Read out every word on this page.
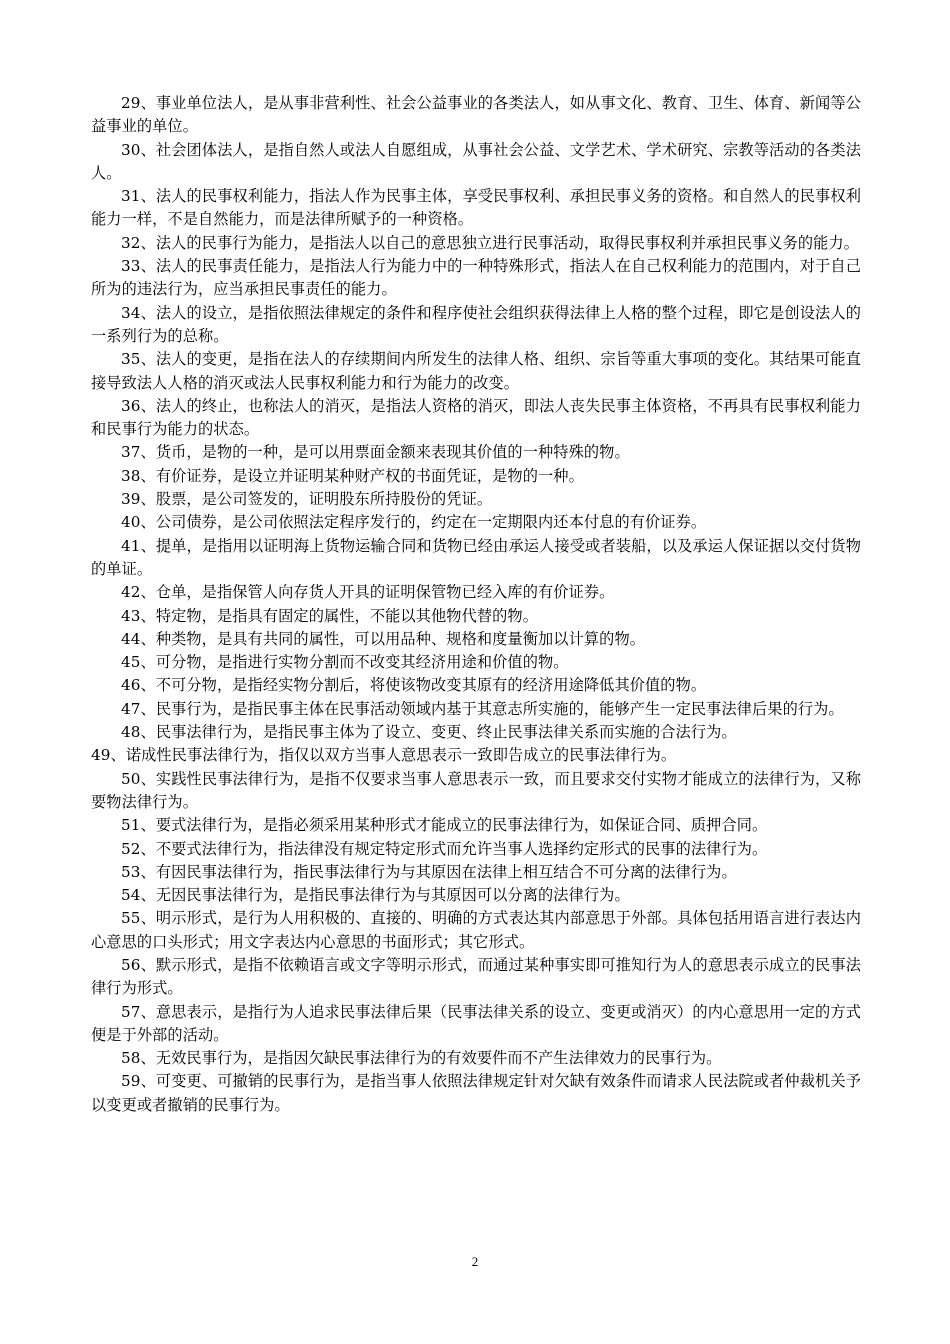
29、事业单位法人，是从事非营利性、社会公益事业的各类法人，如从事文化、教育、卫生、体育、新闻等公益事业的单位。

30、社会团体法人，是指自然人或法人自愿组成，从事社会公益、文学艺术、学术研究、宗教等活动的各类法人。

31、法人的民事权利能力，指法人作为民事主体，享受民事权利、承担民事义务的资格。和自然人的民事权利能力一样，不是自然能力，而是法律所赋予的一种资格。

32、法人的民事行为能力，是指法人以自己的意思独立进行民事活动，取得民事权利并承担民事义务的能力。

33、法人的民事责任能力，是指法人行为能力中的一种特殊形式，指法人在自己权利能力的范围内，对于自己所为的违法行为，应当承担民事责任的能力。

34、法人的设立，是指依照法律规定的条件和程序使社会组织获得法律上人格的整个过程，即它是创设法人的一系列行为的总称。

35、法人的变更，是指在法人的存续期间内所发生的法律人格、组织、宗旨等重大事项的变化。其结果可能直接导致法人人格的消灭或法人民事权利能力和行为能力的改变。

36、法人的终止，也称法人的消灭，是指法人资格的消灭，即法人丧失民事主体资格，不再具有民事权利能力和民事行为能力的状态。

37、货币，是物的一种，是可以用票面金额来表现其价值的一种特殊的物。

38、有价证券，是设立并证明某种财产权的书面凭证，是物的一种。

39、股票，是公司签发的，证明股东所持股份的凭证。

40、公司债券，是公司依照法定程序发行的，约定在一定期限内还本付息的有价证券。

41、提单，是指用以证明海上货物运输合同和货物已经由承运人接受或者装船，以及承运人保证据以交付货物的单证。

42、仓单，是指保管人向存货人开具的证明保管物已经入库的有价证券。

43、特定物，是指具有固定的属性，不能以其他物代替的物。

44、种类物，是具有共同的属性，可以用品种、规格和度量衡加以计算的物。

45、可分物，是指进行实物分割而不改变其经济用途和价值的物。

46、不可分物，是指经实物分割后，将使该物改变其原有的经济用途降低其价值的物。

47、民事行为，是指民事主体在民事活动领域内基于其意志所实施的，能够产生一定民事法律后果的行为。

48、民事法律行为，是指民事主体为了设立、变更、终止民事法律关系而实施的合法行为。

49、诺成性民事法律行为，指仅以双方当事人意思表示一致即告成立的民事法律行为。

50、实践性民事法律行为，是指不仅要求当事人意思表示一致，而且要求交付实物才能成立的法律行为，又称要物法律行为。

51、要式法律行为，是指必须采用某种形式才能成立的民事法律行为，如保证合同、质押合同。

52、不要式法律行为，指法律没有规定特定形式而允许当事人选择约定形式的民事的法律行为。

53、有因民事法律行为，指民事法律行为与其原因在法律上相互结合不可分离的法律行为。

54、无因民事法律行为，是指民事法律行为与其原因可以分离的法律行为。

55、明示形式，是行为人用积极的、直接的、明确的方式表达其内部意思于外部。具体包括用语言进行表达内心意思的口头形式；用文字表达内心意思的书面形式；其它形式。

56、默示形式，是指不依赖语言或文字等明示形式，而通过某种事实即可推知行为人的意思表示成立的民事法律行为形式。

57、意思表示，是指行为人追求民事法律后果（民事法律关系的设立、变更或消灭）的内心意思用一定的方式便是于外部的活动。

58、无效民事行为，是指因欠缺民事法律行为的有效要件而不产生法律效力的民事行为。

59、可变更、可撤销的民事行为，是指当事人依照法律规定针对欠缺有效条件而请求人民法院或者仲裁机关予以变更或者撤销的民事行为。

2
